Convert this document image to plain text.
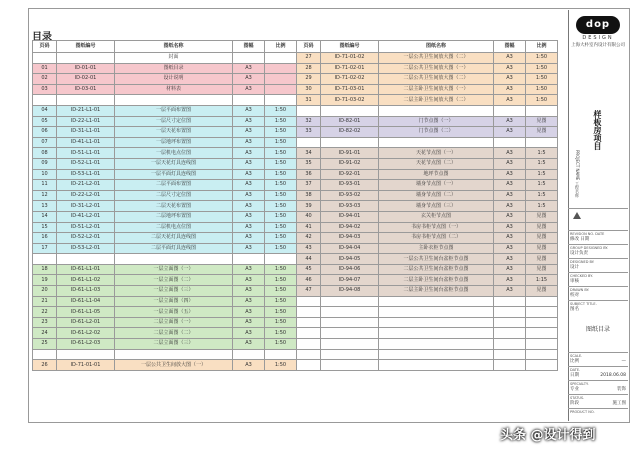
目录
页码	图纸编号	图纸名称	图幅	比例
		封面		
01	ID-01-01	图纸目录	A3	
02	ID-02-01	设计说明	A3	
03	ID-03-01	材料表	A3	

04	ID-21-L1-01	一层平面布置图	A3	1:50
05	ID-22-L1-01	一层尺寸定位图	A3	1:50
06	ID-31-L1-01	一层天花布置图	A3	1:50
07	ID-41-L1-01	一层地坪布置图	A3	1:50
08	ID-51-L1-01	一层机电点位图	A3	1:50
09	ID-52-L1-01	一层天花灯具连线图	A3	1:50
10	ID-53-L1-01	一层平面灯具连线图	A3	1:50
11	ID-21-L2-01	二层平面布置图	A3	1:50
12	ID-22-L2-01	二层尺寸定位图	A3	1:50
13	ID-31-L2-01	二层天花布置图	A3	1:50
14	ID-41-L2-01	二层地坪布置图	A3	1:50
15	ID-51-L2-01	二层机电点位图	A3	1:50
16	ID-52-L2-01	二层天花灯具连线图	A3	1:50
17	ID-53-L2-01	二层平面灯具连线图	A3	1:50

18	ID-61-L1-01	一层立面图（一）	A3	1:50
19	ID-61-L1-02	一层立面图（二）	A3	1:50
20	ID-61-L1-03	一层立面图（三）	A3	1:50
21	ID-61-L1-04	一层立面图（四）	A3	1:50
22	ID-61-L1-05	一层立面图（五）	A3	1:50
23	ID-61-L2-01	二层立面图（一）	A3	1:50
24	ID-61-L2-02	二层立面图（二）	A3	1:50
25	ID-61-L2-03	二层立面图（三）	A3	1:50

26	ID-71-01-01	一层公共卫生间放大图（一）	A3	1:50
页码	图纸编号	图纸名称	图幅	比例
27	ID-71-01-02	一层公共卫生间放大图（二）	A3	1:50
28	ID-71-02-01	二层公共卫生间放大图（一）	A3	1:50
29	ID-71-02-02	二层公共卫生间放大图（二）	A3	1:50
30	ID-71-03-01	二层主卧卫生间放大图（一）	A3	1:50
31	ID-71-03-02	二层主卧卫生间放大图（二）	A3	1:50

32	ID-82-01	门节点图（一）	A3	见图
33	ID-82-02	门节点图（二）	A3	见图

34	ID-91-01	天花节点图（一）	A3	1:5
35	ID-91-02	天花节点图（二）	A3	1:5
36	ID-92-01	地坪节点图	A3	1:5
37	ID-93-01	墙身节点图（一）	A3	1:5
38	ID-93-02	墙身节点图（二）	A3	1:5
39	ID-93-03	墙身节点图（三）	A3	1:5
40	ID-94-01	玄关柜节点图	A3	见图
41	ID-94-02	书房书柜节点图（一）	A3	见图
42	ID-94-03	书房书柜节点图（二）	A3	见图
43	ID-94-04	主卧衣柜节点图	A3	见图
44	ID-94-05	一层公共卫生间台盆柜节点图	A3	见图
45	ID-94-06	二层公共卫生间台盆柜节点图	A3	见图
46	ID-94-07	二层主卧卫生间台盆柜节点图	A3	1:15
47	ID-94-08	二层主卧卫生间台盆柜节点图	A3	见图

dop
DESIGN
上海大朴室内设计有限公司
样板房项目
PROJECT NAME 工程名称
REVISION NO. DATE
修改 日期
GROUP DESIGNED BY.
设计负责
DESIGNED BY.
设计
CHECKED BY.
审核
DRAWN BY.
校对
SUBJECT TITLE.
图名
图纸目录
SCALE.
比例	—
DATE.
日期	2018.06.08
SPECIALTY.
专业	装饰
STATUS.
阶段	施工图
PRODUCT NO.
头条 @设计得到
